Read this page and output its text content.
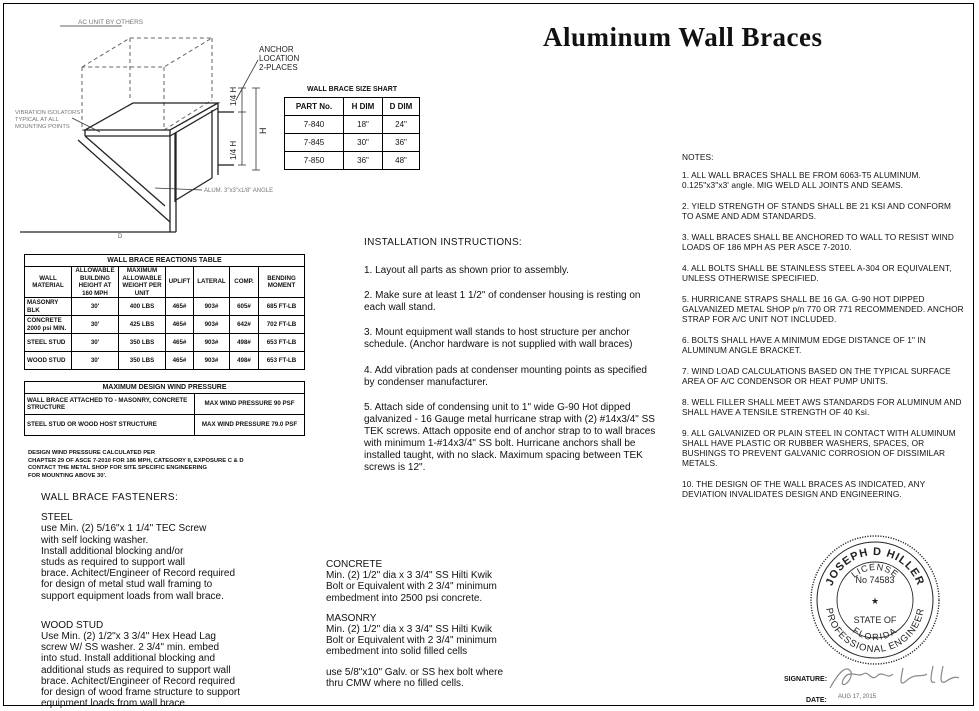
Aluminum Wall Braces
AC UNIT BY OTHERS
ANCHOR
LOCATION
2-PLACES
VIBRATION ISOLATORS
TYPICAL AT ALL
MOUNTING POINTS
ALUM. 3"x3"x1/8" ANGLE
1/4 H
1/4 H
H
D
WALL BRACE SIZE SHART
PART No.	H DIM	D DIM
7-840	18"	24"
7-845	30"	36"
7-850	36"	48"
WALL BRACE REACTIONS TABLE						
WALL MATERIAL	ALLOWABLE BUILDING HEIGHT AT 160 MPH	MAXIMUM ALLOWABLE WEIGHT PER UNIT	UPLIFT	LATERAL	COMP.	BENDING MOMENT
MASONRY BLK	30'	400 LBS	465#	903#	605#	685 FT-LB
CONCRETE 2000 psi MIN.	30'	425 LBS	465#	903#	642#	702 FT-LB
STEEL STUD	30'	350 LBS	465#	903#	498#	653 FT-LB
WOOD STUD	30'	350 LBS	465#	903#	498#	653 FT-LB
MAXIMUM DESIGN WIND PRESSURE	
WALL BRACE ATTACHED TO - MASONRY, CONCRETE STRUCTURE	MAX WIND PRESSURE 90 PSF
STEEL STUD OR WOOD HOST STRUCTURE	MAX WIND PRESSURE 79.0 PSF
DESIGN WIND PRESSURE CALCULATED PER
CHAPTER 29 OF ASCE 7-2010 FOR 186 MPH, CATEGORY II, EXPOSURE C & D
CONTACT THE METAL SHOP FOR SITE SPECIFIC ENGINEERING
FOR MOUNTING ABOVE 30'.

INSTALLATION INSTRUCTIONS:

1. Layout all parts as shown prior to assembly.

2. Make sure at least 1 1/2" of condenser housing is resting on each wall stand.

3. Mount equipment wall stands to host structure per anchor schedule. (Anchor hardware is not supplied with wall braces)

4. Add vibration pads at condenser mounting points as specified by condenser manufacturer.

5. Attach side of condensing unit to 1" wide G-90 Hot dipped galvanized - 16 Gauge metal hurricane strap with (2) #14x3/4" SS TEK screws. Attach opposite end of anchor strap to to wall braces with minimum 1-#14x3/4" SS bolt. Hurricane anchors shall be installed taught, with no slack. Maximum spacing between TEK screws is 12".

NOTES:

1. ALL WALL BRACES SHALL BE FROM 6063-T5 ALUMINUM. 0.125"x3"x3' angle. MIG WELD ALL JOINTS AND SEAMS.

2. YIELD STRENGTH OF STANDS SHALL BE 21 KSI AND CONFORM TO ASME AND ADM STANDARDS.

3. WALL BRACES SHALL BE ANCHORED TO WALL TO RESIST WIND LOADS OF 186 MPH AS PER ASCE 7-2010.

4. ALL BOLTS SHALL BE STAINLESS STEEL A-304 OR EQUIVALENT, UNLESS OTHERWISE SPECIFIED.

5. HURRICANE STRAPS SHALL BE 16 GA. G-90 HOT DIPPED GALVANIZED METAL SHOP p/n 770 OR 771 RECOMMENDED. ANCHOR STRAP FOR A/C UNIT NOT INCLUDED.

6. BOLTS SHALL HAVE A MINIMUM EDGE DISTANCE OF 1" IN ALUMINUM ANGLE BRACKET.

7. WIND LOAD CALCULATIONS BASED ON THE TYPICAL SURFACE AREA OF A/C CONDENSOR OR HEAT PUMP UNITS.

8. WELL FILLER SHALL MEET AWS STANDARDS FOR ALUMINUM AND SHALL HAVE A TENSILE STRENGTH OF 40 Ksi.

9. ALL GALVANIZED OR PLAIN STEEL IN CONTACT WITH ALUMINUM SHALL HAVE PLASTIC OR RUBBER WASHERS, SPACES, OR BUSHINGS TO PREVENT GALVANIC CORROSION OF DISSIMILAR METALS.

10. THE DESIGN OF THE WALL BRACES AS INDICATED, ANY DEVIATION INVALIDATES DESIGN AND ENGINEERING.

WALL BRACE FASTENERS:

STEEL

use Min. (2) 5/16"x 1 1/4" TEC Screw

with self locking washer.

Install additional blocking and/or

studs as required to support wall

brace. Achitect/Engineer of Record required

for design of metal stud wall framing to

support equipment loads from wall brace.

WOOD STUD

Use Min. (2) 1/2"x 3 3/4" Hex Head Lag

screw W/ SS washer. 2 3/4" min. embed

into stud. Install additional blocking and

additional studs as required to support wall

brace. Achitect/Engineer of Record required

for design of wood frame structure to support

equipment loads from wall brace.

CONCRETE

Min. (2) 1/2" dia x 3 3/4" SS Hilti Kwik

Bolt or Equivalent with 2 3/4" minimum

embedment into 2500 psi concrete.

MASONRY

Min. (2) 1/2" dia x 3 3/4" SS Hilti Kwik

Bolt or Equivalent with 2 3/4" minimum

embedment into solid filled cells

use 5/8"x10" Galv. or SS hex bolt where

thru CMW where no filled cells.

JOSEPH D HILLER
LICENSE
PROFESSIONAL ENGINEER
FLORIDA
No 74583
★
STATE OF
SIGNATURE:
DATE: AUG 17, 2015
